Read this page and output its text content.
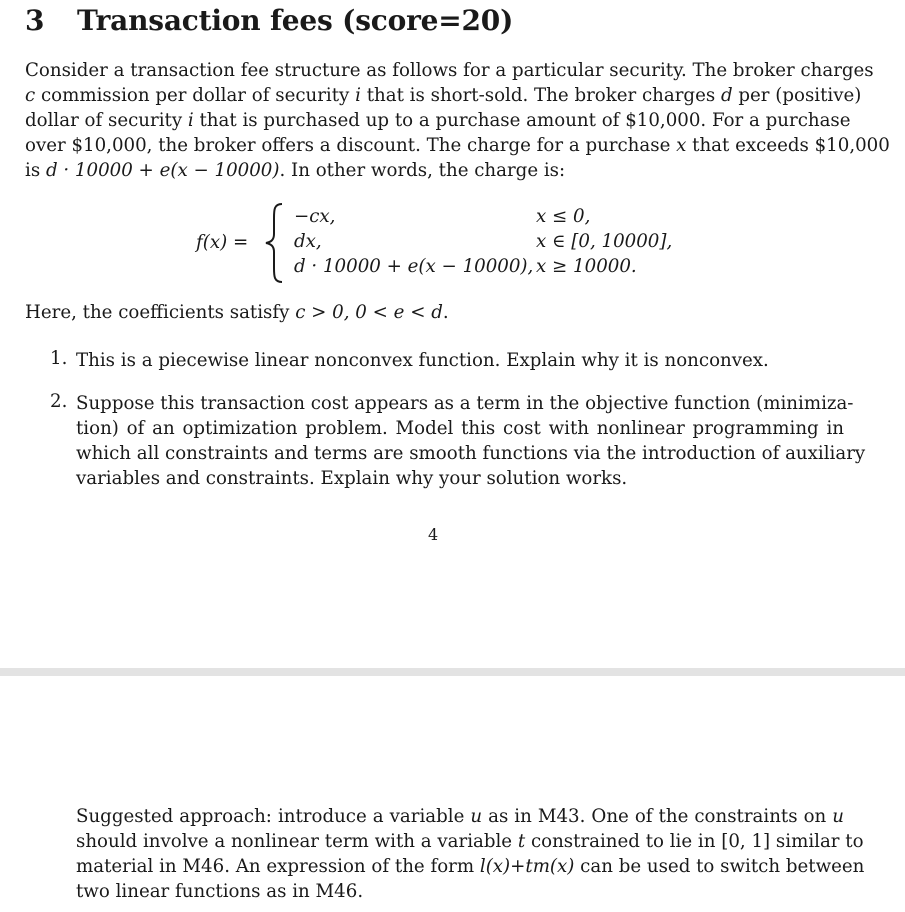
3 Transaction fees (score=20)
Consider a transaction fee structure as follows for a particular security. The broker charges
c commission per dollar of security i that is short-sold. The broker charges d per (positive)
dollar of security i that is purchased up to a purchase amount of $10,000. For a purchase
over $10,000, the broker offers a discount. The charge for a purchase x that exceeds $10,000
is d · 10000 + e(x − 10000). In other words, the charge is:
f(x) =
−cx,	x ≤ 0,
dx,	x ∈ [0, 10000],
d · 10000 + e(x − 10000), x ≥ 10000.
Here, the coefficients satisfy c > 0, 0 < e < d.
1. This is a piecewise linear nonconvex function. Explain why it is nonconvex.
2. Suppose this transaction cost appears as a term in the objective function (minimiza-
tion) of an optimization problem. Model this cost with nonlinear programming in
which all constraints and terms are smooth functions via the introduction of auxiliary
variables and constraints. Explain why your solution works.
4
Suggested approach: introduce a variable u as in M43. One of the constraints on u
should involve a nonlinear term with a variable t constrained to lie in [0, 1] similar to
material in M46. An expression of the form l(x)+tm(x) can be used to switch between
two linear functions as in M46.
